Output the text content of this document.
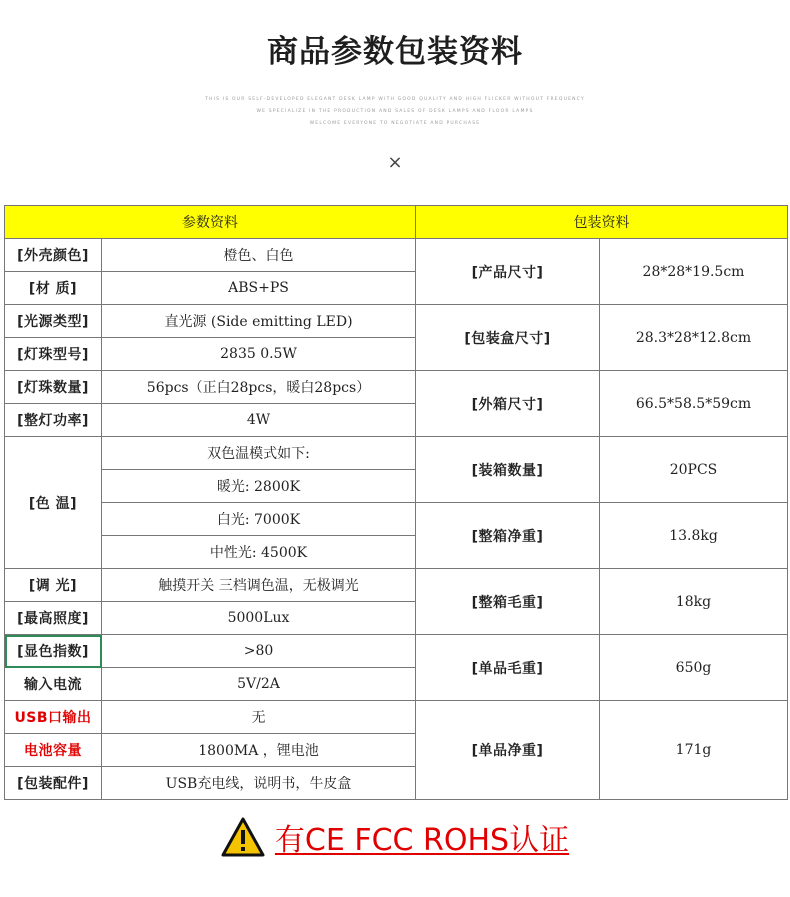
商品参数包装资料
THIS IS OUR SELF-DEVELOPED ELEGANT DESK LAMP WITH GOOD QUALITY AND HIGH FLICKER WITHOUT FREQUENCY
WE SPECIALIZE IN THE PRODUCTION AND SALES OF DESK LAMPS AND FLOOR LAMPS
WELCOME EVERYONE TO NEGOTIATE AND PURCHASE
×
参数资料		包装资料	
[外壳颜色]	橙色、白色	[产品尺寸]	28*28*19.5cm
[材 质]	ABS+PS		
[光源类型]	直光源 (Side emitting LED)	[包装盒尺寸]	28.3*28*12.8cm
[灯珠型号]	2835 0.5W		
[灯珠数量]	56pcs（正白28pcs，暖白28pcs）	[外箱尺寸]	66.5*58.5*59cm
[整灯功率]	4W		
[色 温]	双色温模式如下:	[装箱数量]	20PCS
	暖光: 2800K		
	白光: 7000K	[整箱净重]	13.8kg
	中性光: 4500K		
[调 光]	触摸开关 三档调色温，无极调光	[整箱毛重]	18kg
[最高照度]	5000Lux		
[显色指数]	>80	[单品毛重]	650g
输入电流	5V/2A		
USB口输出	无	[单品净重]	171g
电池容量	1800MA ，锂电池		
[包装配件]	USB充电线，说明书，牛皮盒		
有CE FCC ROHS认证
